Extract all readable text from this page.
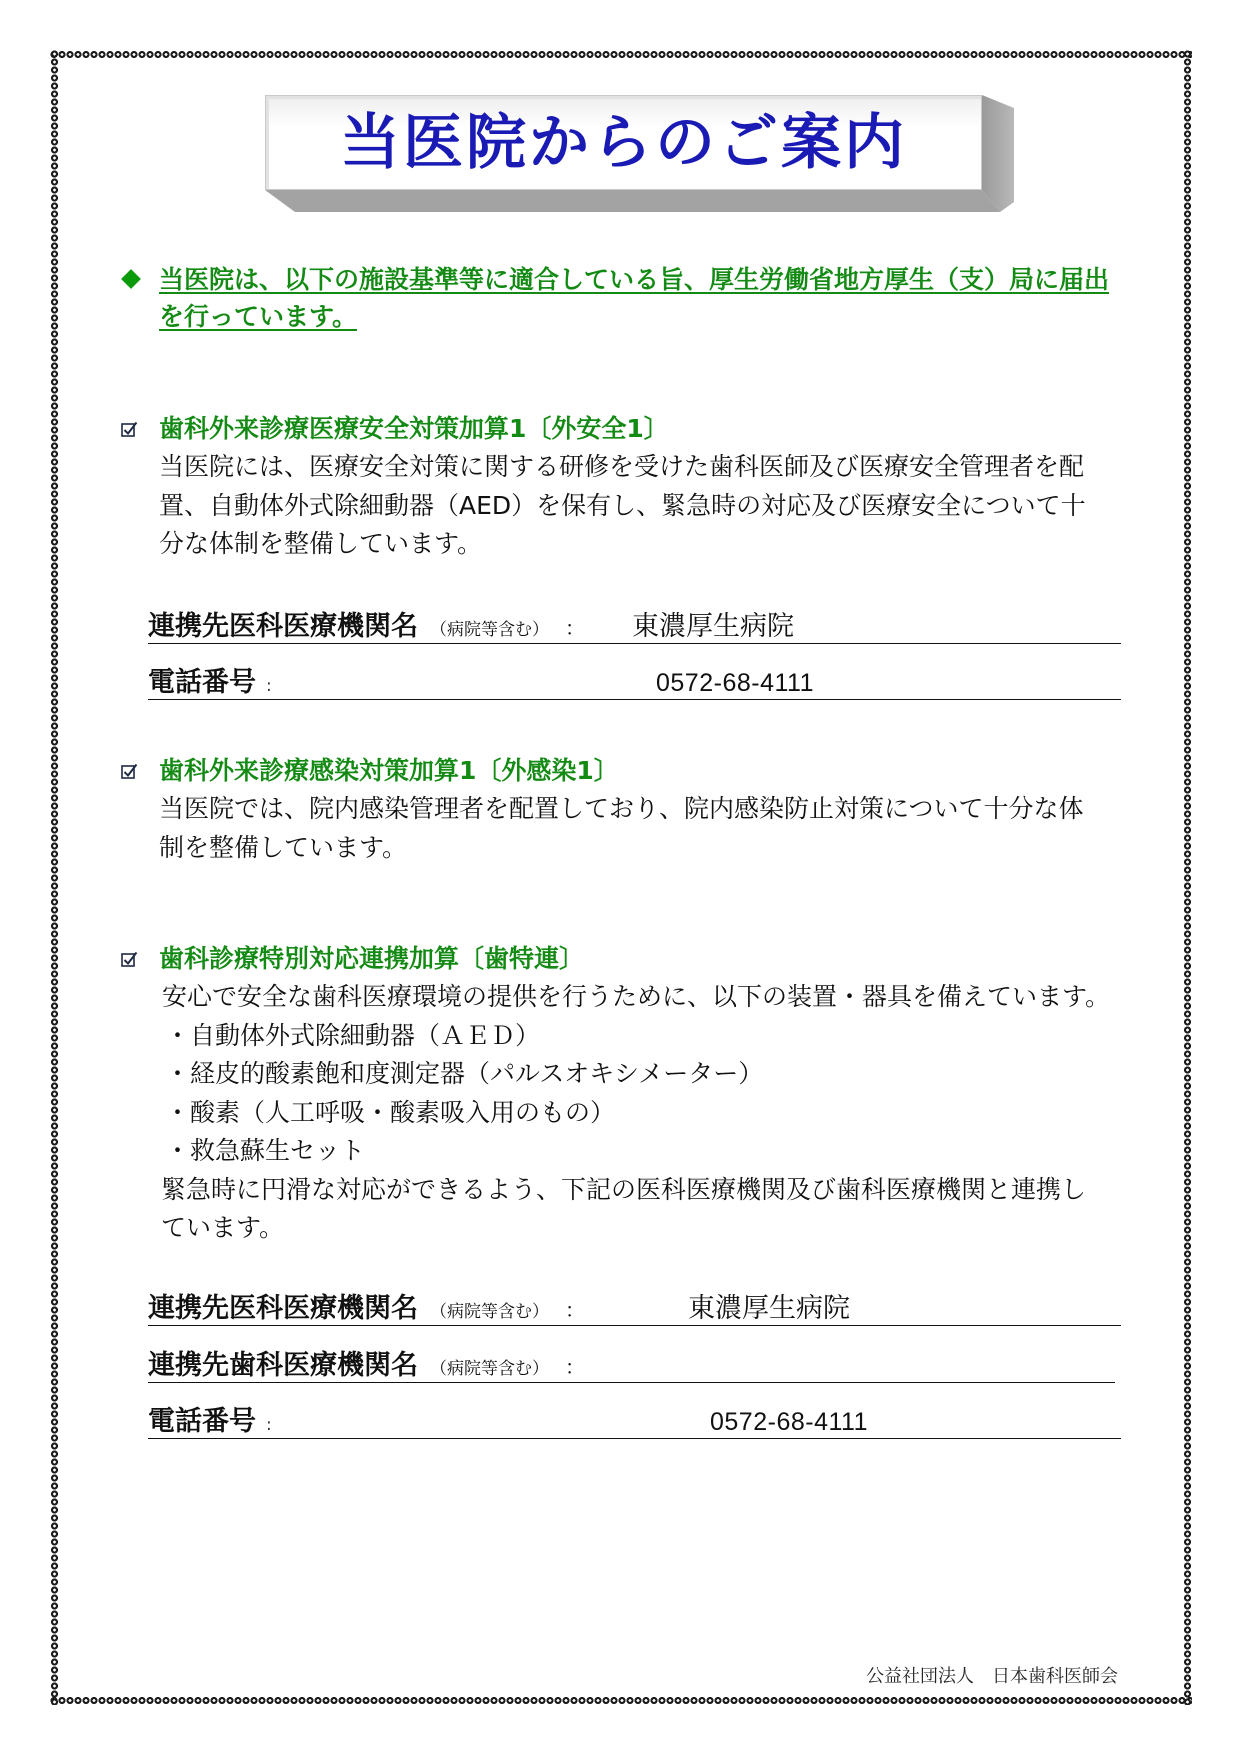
当医院からのご案内
当医院は、以下の施設基準等に適合している旨、厚生労働省地方厚生（支）局に届出
を行っています。
歯科外来診療医療安全対策加算1〔外安全1〕
当医院には、医療安全対策に関する研修を受けた歯科医師及び医療安全管理者を配
置、自動体外式除細動器（AED）を保有し、緊急時の対応及び医療安全について十
分な体制を整備しています。
連携先医科医療機関名 （病院等含む） ： 東濃厚生病院
電話番号 :	0572-68-4111
歯科外来診療感染対策加算1〔外感染1〕
当医院では、院内感染管理者を配置しており、院内感染防止対策について十分な体
制を整備しています。
歯科診療特別対応連携加算〔歯特連〕
安心で安全な歯科医療環境の提供を行うために、以下の装置・器具を備えています。
・自動体外式除細動器（ＡＥＤ）
・経皮的酸素飽和度測定器（パルスオキシメーター）
・酸素（人工呼吸・酸素吸入用のもの）
・救急蘇生セット
緊急時に円滑な対応ができるよう、下記の医科医療機関及び歯科医療機関と連携し
ています。
連携先医科医療機関名 （病院等含む） ：	東濃厚生病院
連携先歯科医療機関名 （病院等含む） ：
電話番号 :	0572-68-4111
公益社団法人　日本歯科医師会
